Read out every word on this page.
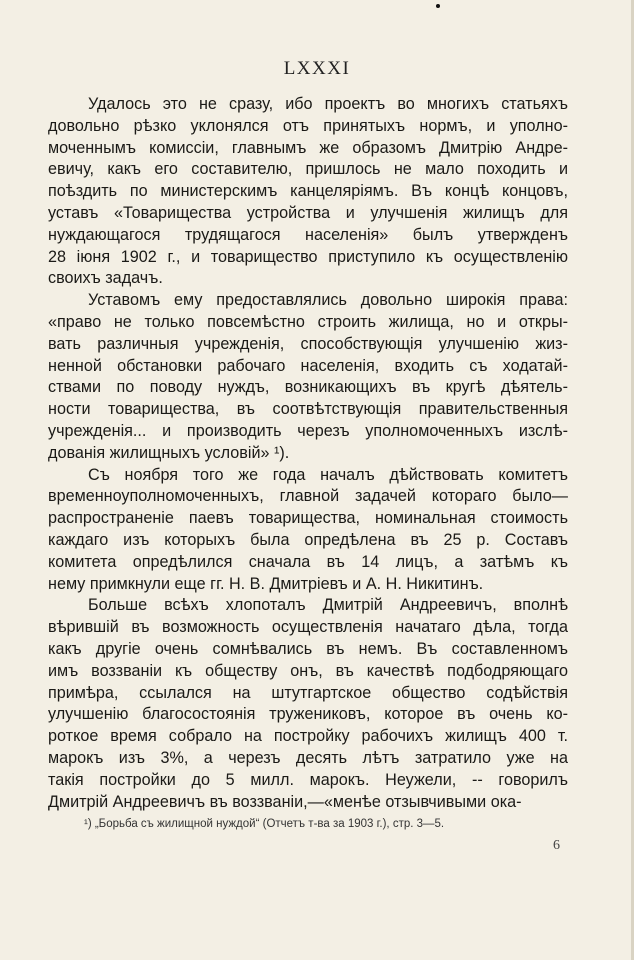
LXXXI
Удалось это не сразу, ибо проектъ во многихъ статьяхъ
довольно рѣзко уклонялся отъ принятыхъ нормъ, и уполно-
моченнымъ комиссiи, главнымъ же образомъ Дмитрiю Андре-
евичу, какъ его составителю, пришлось не мало походить и
поѣздить по министерскимъ канцелярiямъ. Въ концѣ концовъ,
уставъ «Товарищества устройства и улучшенiя жилищъ для
нуждающагося трудящагося населенiя» былъ утвержденъ
28 iюня 1902 г., и товарищество приступило къ осуществленiю
своихъ задачъ.
Уставомъ ему предоставлялись довольно широкiя права:
«право не только повсемѣстно строить жилища, но и откры-
вать различныя учрежденiя, способствующiя улучшенiю жиз-
ненной обстановки рабочаго населенiя, входить съ ходатай-
ствами по поводу нуждъ, возникающихъ въ кругѣ дѣятель-
ности товарищества, въ соотвѣтствующiя правительственныя
учрежденiя... и производить черезъ уполномоченныхъ изслѣ-
дованiя жилищныхъ условiй» ¹).
Съ ноября того же года началъ дѣйствовать комитетъ
временноуполномоченныхъ, главной задачей котораго было—
распространенiе паевъ товарищества, номинальная стоимость
каждаго изъ которыхъ была опредѣлена въ 25 р. Составъ
комитета опредѣлился сначала въ 14 лицъ, а затѣмъ къ
нему примкнули еще гг. Н. В. Дмитрiевъ и А. Н. Никитинъ.
Больше всѣхъ хлопоталъ Дмитрiй Андреевичъ, вполнѣ
вѣрившiй въ возможность осуществленiя начатаго дѣла, тогда
какъ другiе очень сомнѣвались въ немъ. Въ составленномъ
имъ воззванiи къ обществу онъ, въ качествѣ подбодряющаго
примѣра, ссылался на штутгартское общество содѣйствiя
улучшенiю благосостоянiя тружениковъ, которое въ очень ко-
роткое время собрало на постройку рабочихъ жилищъ 400 т.
марокъ изъ 3%, а черезъ десять лѣтъ затратило уже на
такiя постройки до 5 милл. марокъ. Неужели, -- говорилъ
Дмитрiй Андреевичъ въ воззванiи,—«менѣе отзывчивыми ока-
¹) „Борьба съ жилищной нуждой“ (Отчетъ т-ва за 1903 г.), стр. 3—5.
6
